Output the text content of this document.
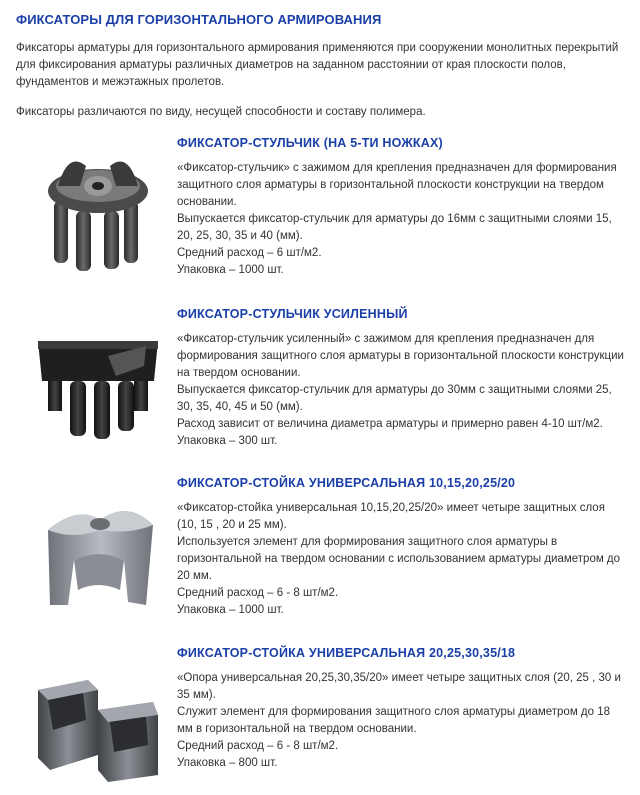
ФИКСАТОРЫ ДЛЯ ГОРИЗОНТАЛЬНОГО АРМИРОВАНИЯ

Фиксаторы арматуры для горизонтального армирования применяются при сооружении монолитных перекрытий для фиксирования арматуры различных диаметров на заданном расстоянии от края плоскости полов, фундаментов и межэтажных пролетов.

Фиксаторы различаются по виду, несущей способности и составу полимера.

ФИКСАТОР-СТУЛЬЧИК (НА 5-ТИ НОЖКАХ)

«Фиксатор-стульчик» с зажимом для крепления предназначен для формирования защитного слоя арматуры в горизонтальной плоскости конструкции на твердом основании.

Выпускается фиксатор-стульчик для арматуры до 16мм с защитными слоями 15, 20, 25, 30, 35 и 40 (мм).

Средний расход – 6 шт/м2.

Упаковка – 1000 шт.

ФИКСАТОР-СТУЛЬЧИК УСИЛЕННЫЙ

«Фиксатор-стульчик усиленный» с зажимом для крепления предназначен для формирования защитного слоя арматуры в горизонтальной плоскости конструкции на твердом основании.

Выпускается фиксатор-стульчик для арматуры до 30мм с защитными слоями 25, 30, 35, 40, 45 и 50 (мм).

Расход зависит от величина диаметра арматуры и примерно равен 4-10 шт/м2.

Упаковка – 300 шт.

ФИКСАТОР-СТОЙКА УНИВЕРСАЛЬНАЯ 10,15,20,25/20

«Фиксатор-стойка универсальная 10,15,20,25/20» имеет четыре защитных слоя (10, 15 , 20 и 25 мм).

Используется элемент для формирования защитного слоя арматуры в горизонтальной на твердом основании с использованием арматуры диаметром до 20 мм.

Средний расход – 6 - 8 шт/м2.

Упаковка – 1000 шт.

ФИКСАТОР-СТОЙКА УНИВЕРСАЛЬНАЯ 20,25,30,35/18

«Опора универсальная 20,25,30,35/20» имеет четыре защитных слоя (20, 25 , 30 и 35 мм).

Служит элемент для формирования защитного слоя арматуры диаметром до 18 мм в горизонтальной на твердом основании.

Средний расход – 6 - 8 шт/м2.

Упаковка – 800 шт.
